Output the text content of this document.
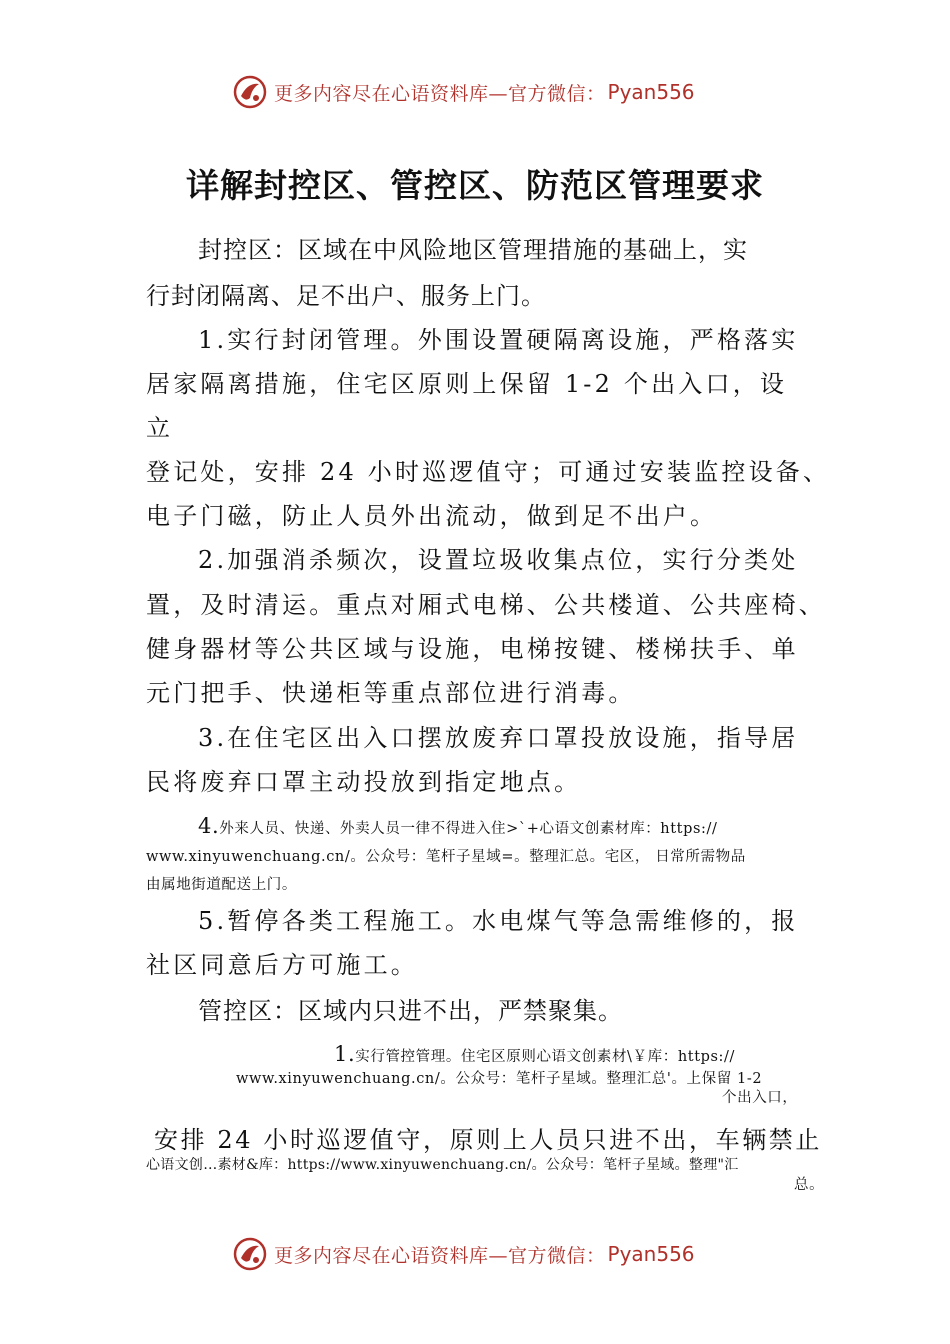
更多内容尽在心语资料库—官方微信： Pyan556
详解封控区、管控区、防范区管理要求
封控区：区域在中风险地区管理措施的基础上，实
行封闭隔离、足不出户、服务上门。
1.实行封闭管理。外围设置硬隔离设施，严格落实
居家隔离措施，住宅区原则上保留 1-2 个出入口，设
立
登记处，安排 24 小时巡逻值守；可通过安装监控设备、
电子门磁，防止人员外出流动，做到足不出户。
2.加强消杀频次，设置垃圾收集点位，实行分类处
置，及时清运。重点对厢式电梯、公共楼道、公共座椅、
健身器材等公共区域与设施，电梯按键、楼梯扶手、单
元门把手、快递柜等重点部位进行消毒。
3.在住宅区出入口摆放废弃口罩投放设施，指导居
民将废弃口罩主动投放到指定地点。
4.外来人员、快递、外卖人员一律不得进入住>`+心语文创素材库：https://
www.xinyuwenchuang.cn/。公众号：笔杆子星域=。整理汇总。宅区， 日常所需物品
由属地街道配送上门。
5.暂停各类工程施工。水电煤气等急需维修的，报
社区同意后方可施工。
管控区：区域内只进不出，严禁聚集。
1.实行管控管理。住宅区原则心语文创素材\￥库：https://
www.xinyuwenchuang.cn/。公众号：笔杆子星域。整理汇总'。上保留 1-2
个出入口，
安排 24 小时巡逻值守，原则上人员只进不出，车辆禁止
心语文创…素材&库：https://www.xinyuwenchuang.cn/。公众号：笔杆子星域。整理"汇
总。
更多内容尽在心语资料库—官方微信： Pyan556
